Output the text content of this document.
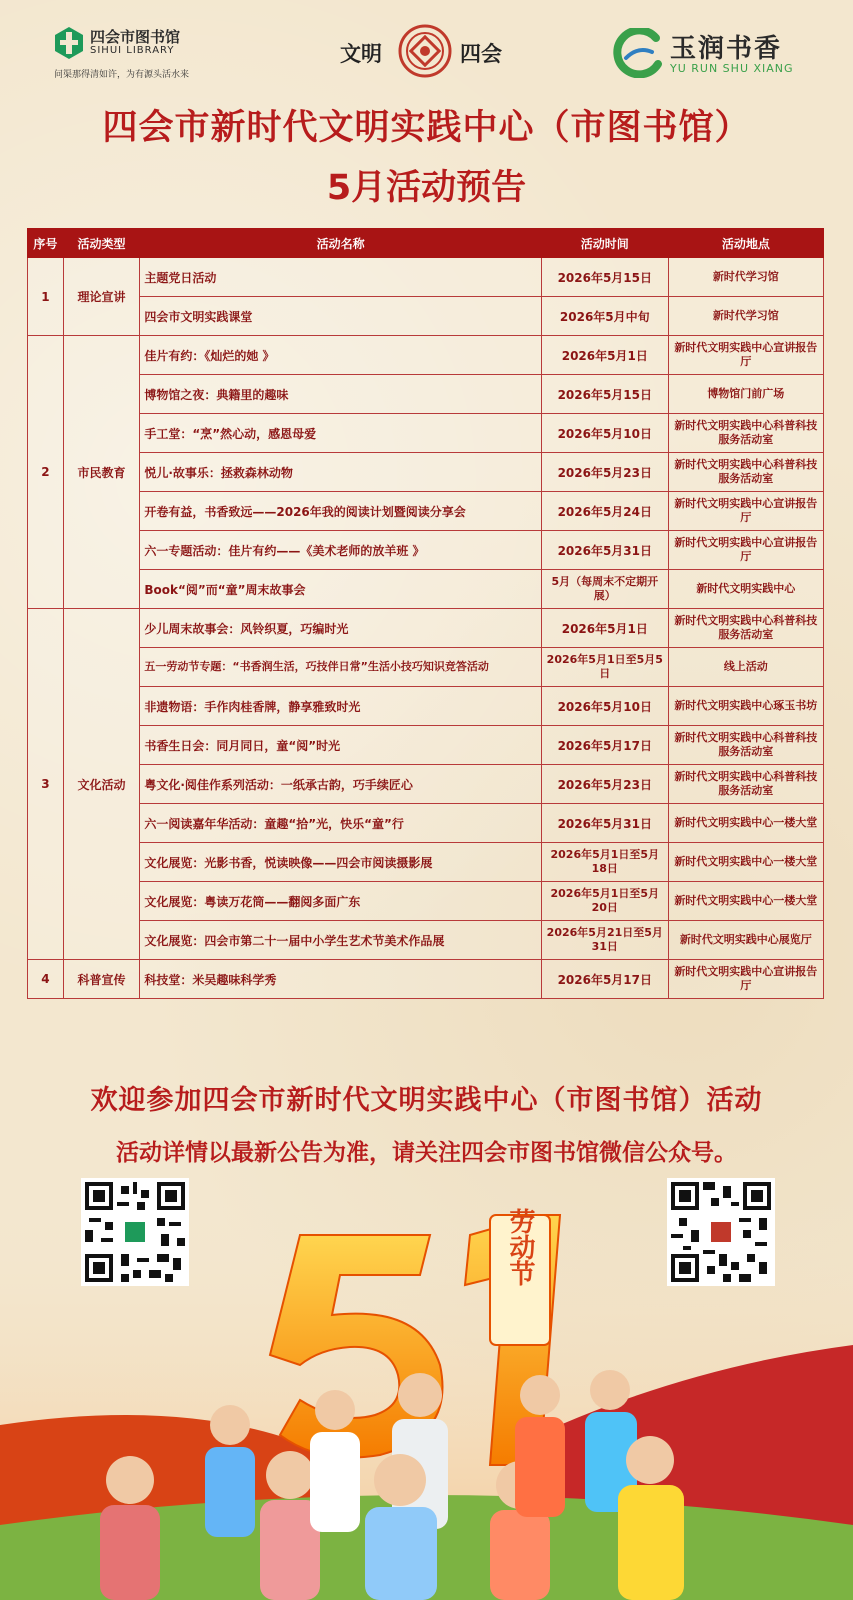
四会市图书馆
SIHUI LIBRARY
问渠那得清如许，为有源头活水来
文明	四会	玉润书香
YU RUN SHU XIANG
四会市新时代文明实践中心（市图书馆）
5月活动预告
序号	活动类型	活动名称	活动时间	活动地点
1	理论宣讲	主题党日活动	2026年5月15日	新时代学习馆
		四会市文明实践课堂	2026年5月中旬	新时代学习馆
2	市民教育	佳片有约：《灿烂的她 》	2026年5月1日	新时代文明实践中心宣讲报告厅
		博物馆之夜：典籍里的趣味	2026年5月15日	博物馆门前广场
		手工堂：“烹”然心动，感恩母爱	2026年5月10日	新时代文明实践中心科普科技服务活动室
		悦儿·故事乐：拯救森林动物	2026年5月23日	新时代文明实践中心科普科技服务活动室
		开卷有益，书香致远——2026年我的阅读计划暨阅读分享会	2026年5月24日	新时代文明实践中心宣讲报告厅
		六一专题活动：佳片有约——《美术老师的放羊班 》	2026年5月31日	新时代文明实践中心宣讲报告厅
		Book“阅”而“童”周末故事会	5月（每周末不定期开展）	新时代文明实践中心
3	文化活动	少儿周末故事会：风铃织夏，巧编时光	2026年5月1日	新时代文明实践中心科普科技服务活动室
		五一劳动节专题：“书香润生活，巧技伴日常”生活小技巧知识竞答活动	2026年5月1日至5月5日	线上活动
		非遗物语：手作肉桂香牌，静享雅致时光	2026年5月10日	新时代文明实践中心琢玉书坊
		书香生日会：同月同日，童“阅”时光	2026年5月17日	新时代文明实践中心科普科技服务活动室
		粤文化·阅佳作系列活动：一纸承古韵，巧手续匠心	2026年5月23日	新时代文明实践中心科普科技服务活动室
		六一阅读嘉年华活动：童趣“拾”光，快乐“童”行	2026年5月31日	新时代文明实践中心一楼大堂
		文化展览：光影书香，悦读映像——四会市阅读摄影展	2026年5月1日至5月18日	新时代文明实践中心一楼大堂
		文化展览：粤读万花筒——翻阅多面广东	2026年5月1日至5月20日	新时代文明实践中心一楼大堂
		文化展览：四会市第二十一届中小学生艺术节美术作品展	2026年5月21日至5月31日	新时代文明实践中心展览厅
4	科普宣传	科技堂：米吴趣味科学秀	2026年5月17日	新时代文明实践中心宣讲报告厅
欢迎参加四会市新时代文明实践中心（市图书馆）活动
活动详情以最新公告为准，请关注四会市图书馆微信公众号。
劳动节
